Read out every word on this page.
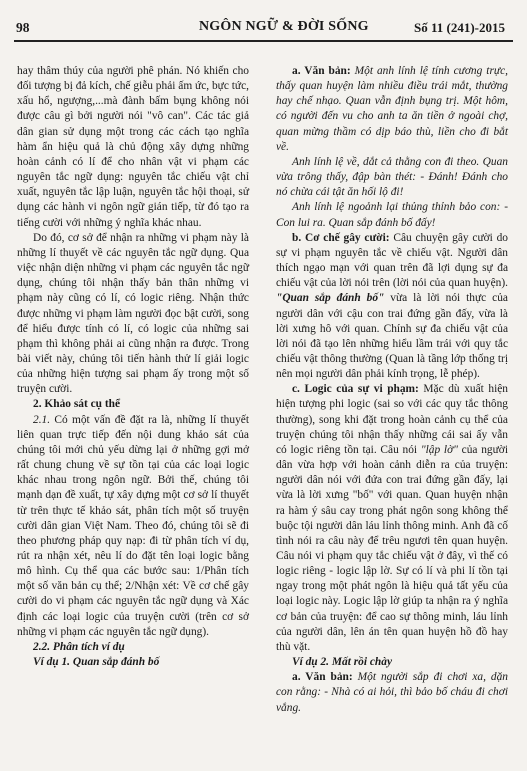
98	NGÔN NGỮ & ĐỜI SỐNG	Số 11 (241)-2015

hay thâm thúy của người phê phán. Nó khiến cho đối tượng bị đả kích, chế giễu phải ấm ức, bực tức, xấu hổ, ngượng,...mà đành bấm bụng không nói được câu gì bởi người nói "vô can". Các tác giả dân gian sử dụng một trong các cách tạo nghĩa hàm ẩn hiệu quả là chủ động xây dựng những hoàn cảnh có lí để cho nhân vật vi phạm các nguyên tắc ngữ dụng: nguyên tắc chiếu vật chỉ xuất, nguyên tắc lập luận, nguyên tắc hội thoại, sử dụng các hành vi ngôn ngữ gián tiếp, từ đó tạo ra tiếng cười với những ý nghĩa khác nhau.

Do đó, cơ sở để nhận ra những vi phạm này là những lí thuyết về các nguyên tắc ngữ dụng. Qua việc nhận diện những vi phạm các nguyên tắc ngữ dụng, chúng tôi nhận thấy bản thân những vi phạm này cũng có lí, có logic riêng. Nhận thức được những vi phạm làm người đọc bật cười, song để hiểu được tính có lí, có logic của những sai phạm thì không phải ai cũng nhận ra được. Trong bài viết này, chúng tôi tiến hành thử lí giải logic của những hiện tượng sai phạm ấy trong một số truyện cười.

2. Khảo sát cụ thể

2.1. Có một vấn đề đặt ra là, những lí thuyết liên quan trực tiếp đến nội dung khảo sát của chúng tôi mới chủ yếu dừng lại ở những gợi mở rất chung chung về sự tồn tại của các loại logic khác nhau trong ngôn ngữ. Bởi thế, chúng tôi mạnh dạn đề xuất, tự xây dựng một cơ sở lí thuyết từ trên thực tế khảo sát, phân tích một số truyện cười dân gian Việt Nam. Theo đó, chúng tôi sẽ đi theo phương pháp quy nạp: đi từ phân tích ví dụ, rút ra nhận xét, nêu lí do đặt tên loại logic bằng mô hình. Cụ thể qua các bước sau: 1/Phân tích một số văn bản cụ thể; 2/Nhận xét: Về cơ chế gây cười do vi phạm các nguyên tắc ngữ dụng và Xác định các loại logic của truyện cười (trên cơ sở những vi phạm các nguyên tắc ngữ dụng).

2.2. Phân tích ví dụ

Ví dụ 1. Quan sắp đánh bố

a. Văn bản: Một anh lính lệ tính cương trực, thấy quan huyện làm nhiều điều trái mắt, thường hay chế nhạo. Quan vẫn định bụng trị. Một hôm, có người đến vu cho anh ta ăn tiền ở ngoài chợ, quan mừng thầm có dịp báo thù, liền cho đi bắt về.

Anh lính lệ về, dắt cả thằng con đi theo. Quan vừa trông thấy, đập bàn thét: - Đánh! Đánh cho nó chừa cái tật ăn hối lộ đi!

Anh lính lệ ngoảnh lại thủng thỉnh bảo con: - Con lui ra. Quan sắp đánh bố đấy!

b. Cơ chế gây cười: Câu chuyện gây cười do sự vi phạm nguyên tắc về chiếu vật. Người dân thích ngạo mạn với quan trên đã lợi dụng sự đa chiếu vật của lời nói trên (lời nói của quan huyện). "Quan sắp đánh bố" vừa là lời nói thực của người dân với cậu con trai đứng gần đấy, vừa là lời xưng hô với quan. Chính sự đa chiếu vật của lời nói đã tạo lên những hiểu lầm trái với quy tắc chiếu vật thông thường (Quan là tầng lớp thống trị nên mọi người dân phải kính trọng, lễ phép).

c. Logic của sự vi phạm: Mặc dù xuất hiện hiện tượng phi logic (sai so với các quy tắc thông thường), song khi đặt trong hoàn cảnh cụ thể của truyện chúng tôi nhận thấy những cái sai ấy vẫn có logic riêng tồn tại. Câu nói "lập lờ" của người dân vừa hợp với hoàn cảnh diễn ra của truyện: người dân nói với đứa con trai đứng gần đấy, lại vừa là lời xưng "bố" với quan. Quan huyện nhận ra hàm ý sâu cay trong phát ngôn song không thể buộc tội người dân láu lỉnh thông minh. Anh đã cố tình nói ra câu này để trêu ngươi tên quan huyện. Câu nói vi phạm quy tắc chiếu vật ở đây, vì thế có logic riêng - logic lập lờ. Sự có lí và phi lí tồn tại ngay trong một phát ngôn là hiệu quả tất yếu của loại logic này. Logic lập lờ giúp ta nhận ra ý nghĩa cơ bản của truyện: để cao sự thông minh, láu lỉnh của người dân, lên án tên quan huyện hồ đồ hay thù vặt.

Ví dụ 2. Mất rồi chày

a. Văn bản: Một người sắp đi chơi xa, dặn con rằng: - Nhà có ai hỏi, thì bảo bố cháu đi chơi vắng.
